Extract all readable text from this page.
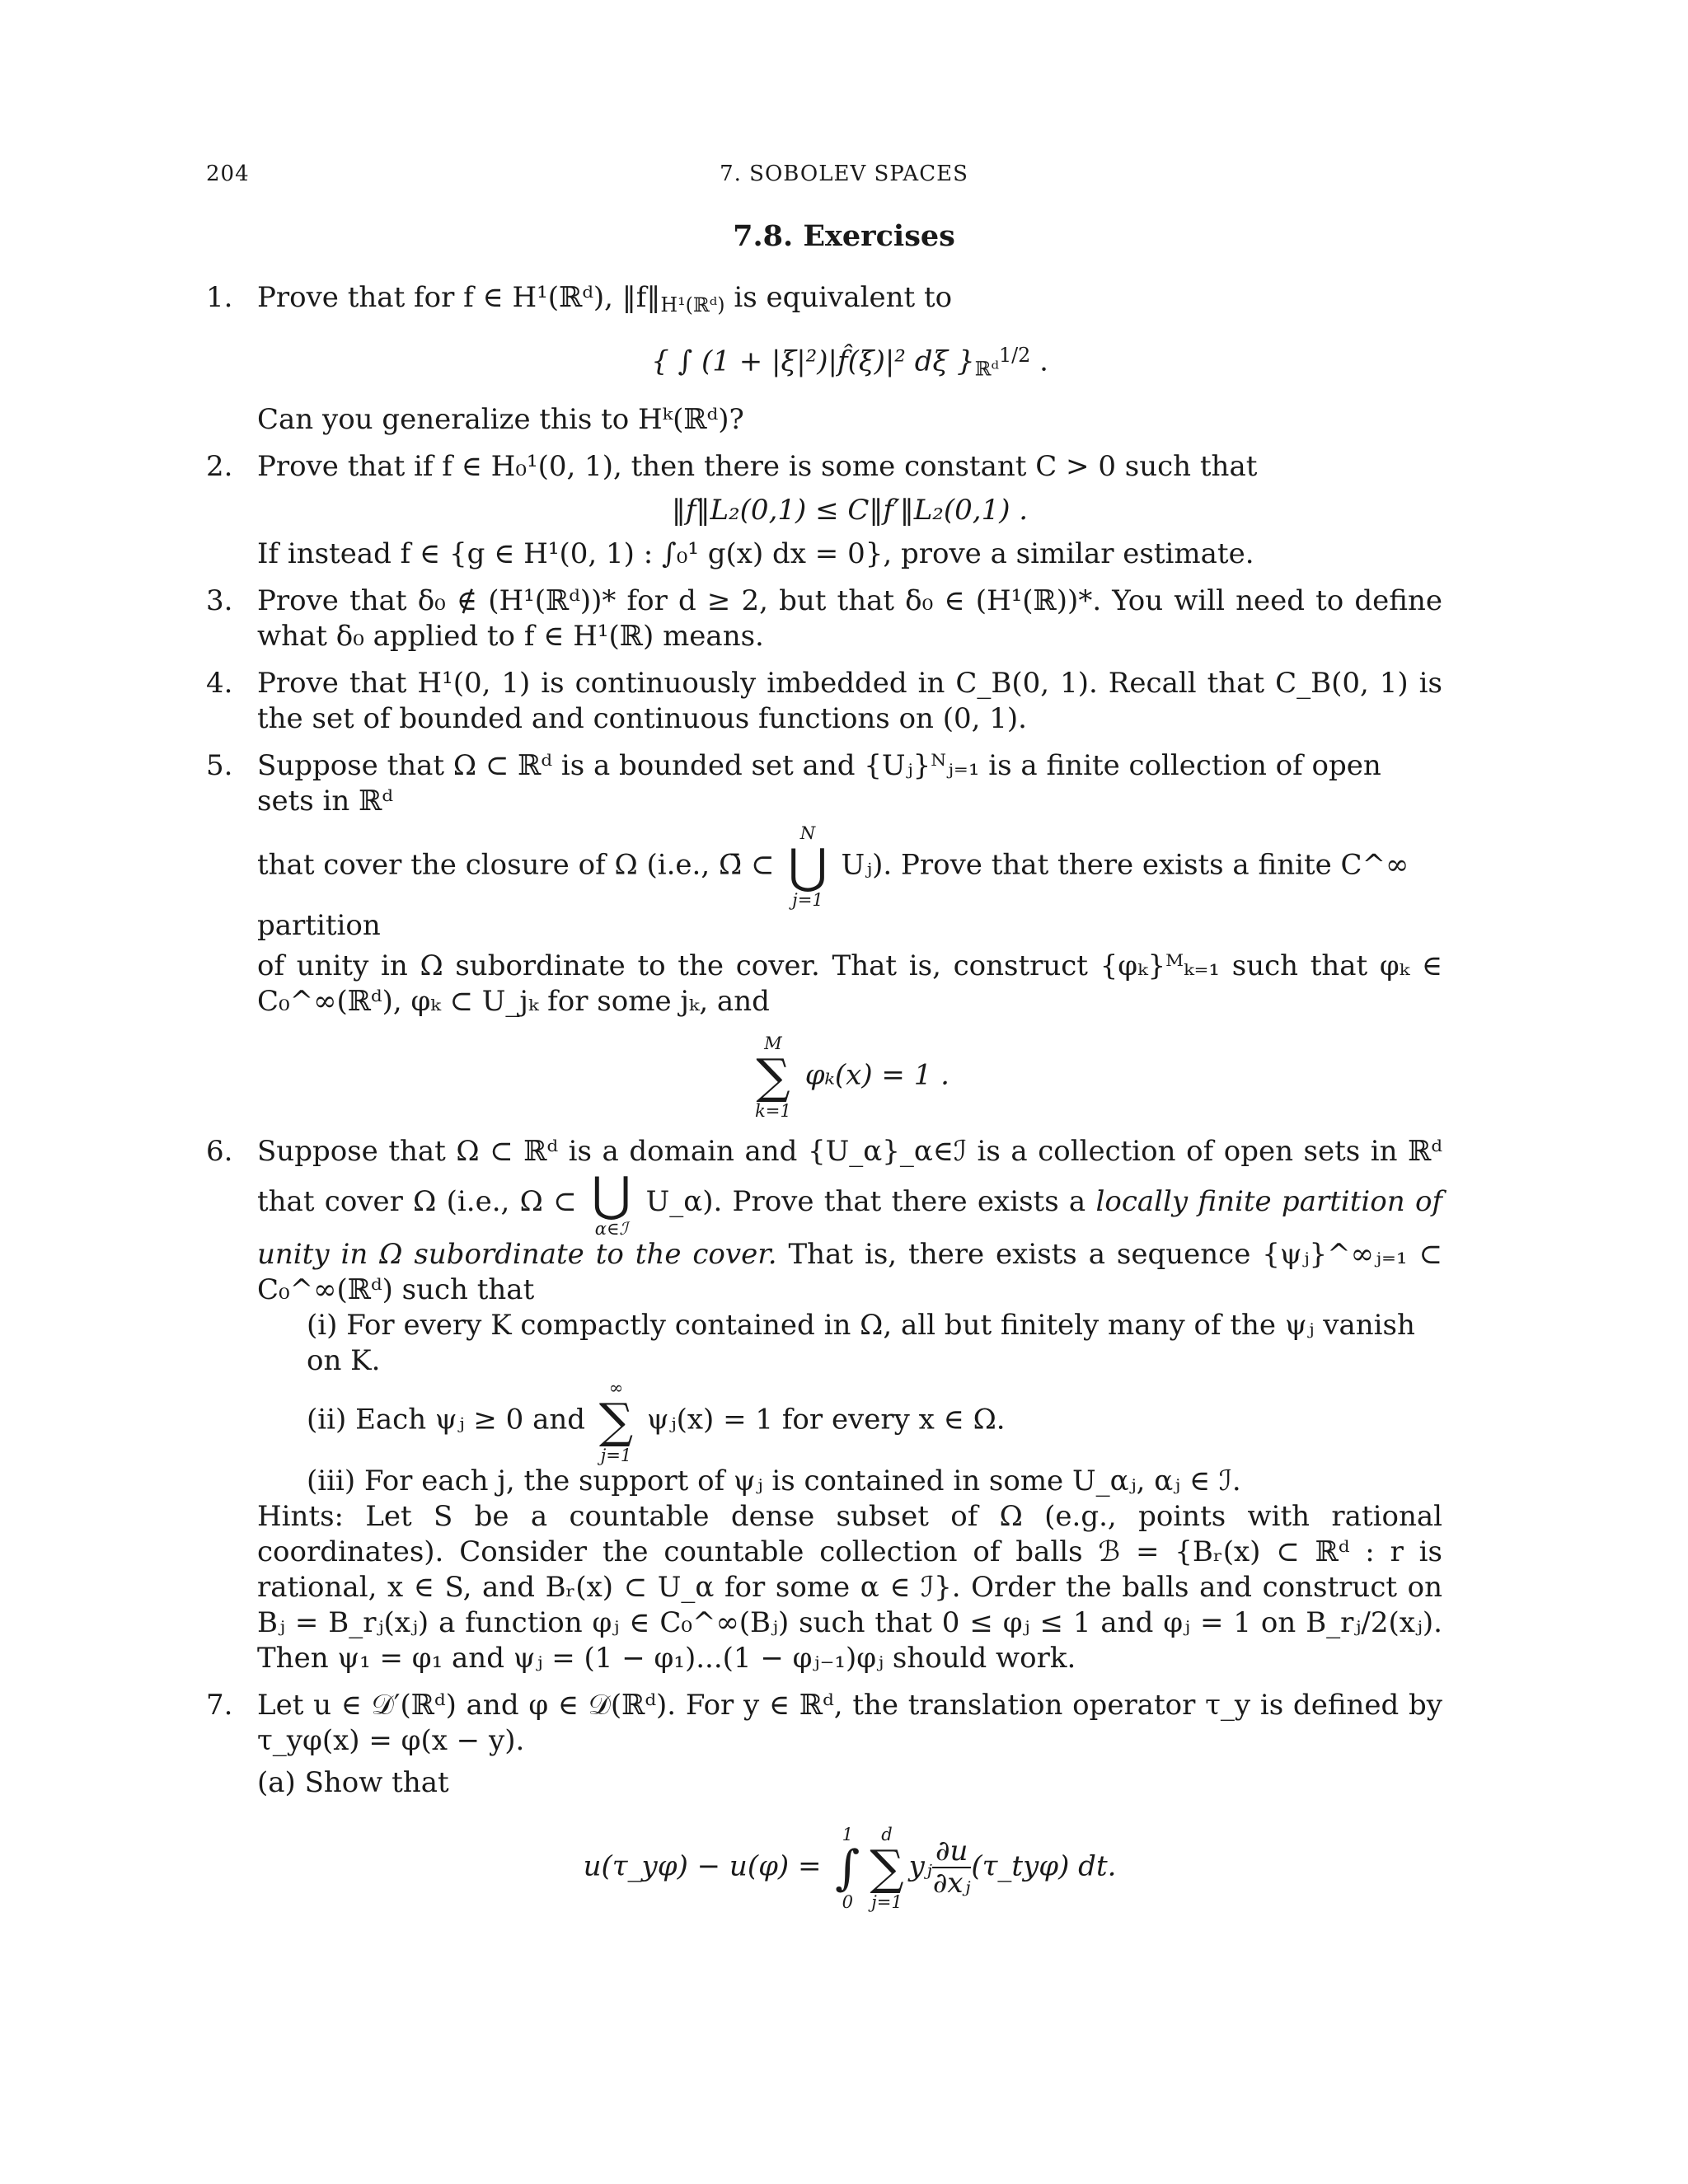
204	7. SOBOLEV SPACES
7.8. Exercises
1. Prove that for f ∈ H¹(ℝᵈ), $‖f‖_{H^1(ℝᵈ)}$ is equivalent to

{ ∫ (1 + |ξ|²)|f̂(ξ)|² dξ }$_{ℝᵈ}^{1/2}$ .

Can you generalize this to Hᵏ(ℝᵈ)?

2. Prove that if f ∈ H₀¹(0, 1), then there is some constant C > 0 such that

‖f‖L₂(0,1) ≤ C‖f′‖L₂(0,1) .

If instead f ∈ {g ∈ H¹(0, 1) : ∫₀¹ g(x) dx = 0}, prove a similar estimate.

3. Prove that δ₀ ∉ (H¹(ℝᵈ))* for d ≥ 2, but that δ₀ ∈ (H¹(ℝ))*. You will need to define what δ₀ applied to f ∈ H¹(ℝ) means.

4. Prove that H¹(0, 1) is continuously imbedded in C_B(0, 1). Recall that C_B(0, 1) is the set of bounded and continuous functions on (0, 1).

5. Suppose that Ω ⊂ ℝᵈ is a bounded set and {Uⱼ}ᴺⱼ₌₁ is a finite collection of open sets in ℝᵈ

that cover the closure of Ω (i.e., Ω̄ ⊂
N
⋃
j=1
Uⱼ). Prove that there exists a finite C^∞ partition

of unity in Ω subordinate to the cover. That is, construct {φₖ}ᴹₖ₌₁ such that φₖ ∈ C₀^∞(ℝᵈ), φₖ ⊂ U_jₖ for some jₖ, and

M
∑
k=1
φₖ(x) = 1 .
6. Suppose that Ω ⊂ ℝᵈ is a domain and {U_α}_α∈ℐ is a collection of open sets in ℝᵈ that cover Ω (i.e., Ω ⊂ ⋃
α∈ℐ
U_α). Prove that there exists a locally finite partition of unity in Ω subordinate to the cover. That is, there exists a sequence {ψⱼ}^∞ⱼ₌₁ ⊂ C₀^∞(ℝᵈ) such that

(i) For every K compactly contained in Ω, all but finitely many of the ψⱼ vanish on K.

(ii) Each ψⱼ ≥ 0 and
∞
∑
j=1
ψⱼ(x) = 1 for every x ∈ Ω.

(iii) For each j, the support of ψⱼ is contained in some U_αⱼ, αⱼ ∈ ℐ.

Hints: Let S be a countable dense subset of Ω (e.g., points with rational coordinates). Consider the countable collection of balls ℬ = {Bᵣ(x) ⊂ ℝᵈ : r is rational, x ∈ S, and Bᵣ(x) ⊂ U_α for some α ∈ ℐ}. Order the balls and construct on Bⱼ = B_rⱼ(xⱼ) a function φⱼ ∈ C₀^∞(Bⱼ) such that 0 ≤ φⱼ ≤ 1 and φⱼ = 1 on B_rⱼ/2(xⱼ). Then ψ₁ = φ₁ and ψⱼ = (1 − φ₁)...(1 − φⱼ₋₁)φⱼ should work.

7. Let u ∈ 𝒟′(ℝᵈ) and φ ∈ 𝒟(ℝᵈ). For y ∈ ℝᵈ, the translation operator τ_y is defined by τ_yφ(x) = φ(x − y).

(a) Show that

u(τ_yφ) − u(φ) =
1
∫
0
d
∑
j=1
yⱼ $\frac{\partial u}{\text{∂xⱼ}}$ (τ_tyφ) dt.
